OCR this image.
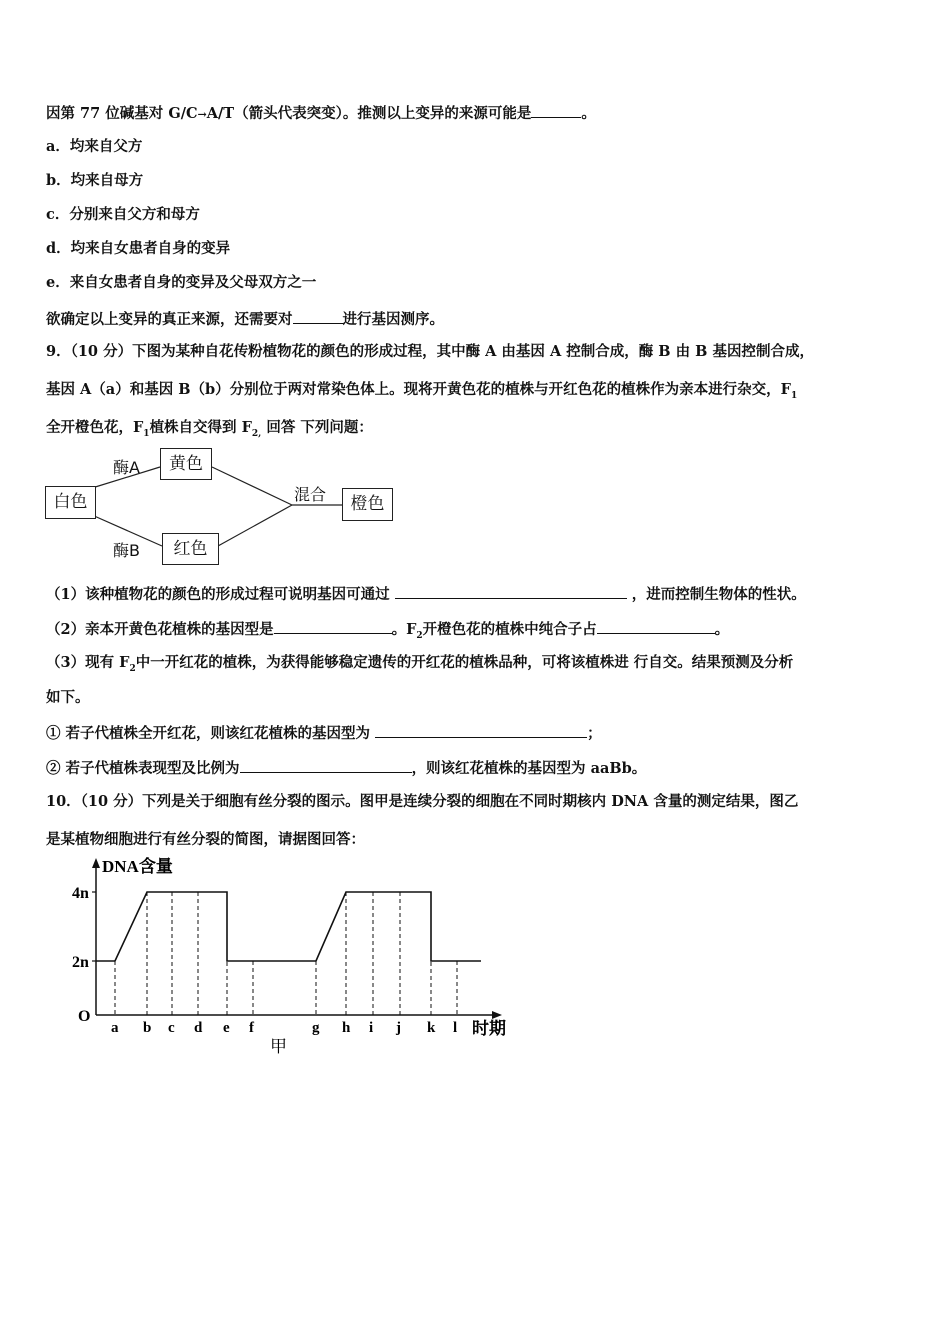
因第 77 位碱基对 G/C→A/T（箭头代表突变）。推测以上变异的来源可能是	。
a．均来自父方
b．均来自母方
c．分别来自父方和母方
d．均来自女患者自身的变异
e．来自女患者自身的变异及父母双方之一
欲确定以上变异的真正来源，还需要对	进行基因测序。
9．（10 分）下图为某种自花传粉植物花的颜色的形成过程，其中酶 A 由基因 A 控制合成，酶 B 由 B 基因控制合成，
基因 A（a）和基因 B（b）分别位于两对常染色体上。现将开黄色花的植株与开红色花的植株作为亲本进行杂交，$F_1$
全开橙色花，$F_1$植株自交得到 $F_{2,}$ 回答 下列问题：
白色
黄色
红色
橙色
酶A
酶B
混合
（1）该种植物花的颜色的形成过程可说明基因可通过	，进而控制生物体的性状。
（2）亲本开黄色花植株的基因型是	。$F_2$开橙色花的植株中纯合子占	。
（3）现有 $F_2$中一开红花的植株，为获得能够稳定遗传的开红花的植株品种，可将该植株进 行自交。结果预测及分析
如下。
① 若子代植株全开红花，则该红花植株的基因型为	；
② 若子代植株表现型及比例为	，则该红花植株的基因型为 aaBb。
10．（10 分）下列是关于细胞有丝分裂的图示。图甲是连续分裂的细胞在不同时期核内 DNA 含量的测定结果，图乙
是某植物细胞进行有丝分裂的简图，请据图回答：
DNA含量
2n
4n
O
a b c d e f	g h i j k l 时期
甲
